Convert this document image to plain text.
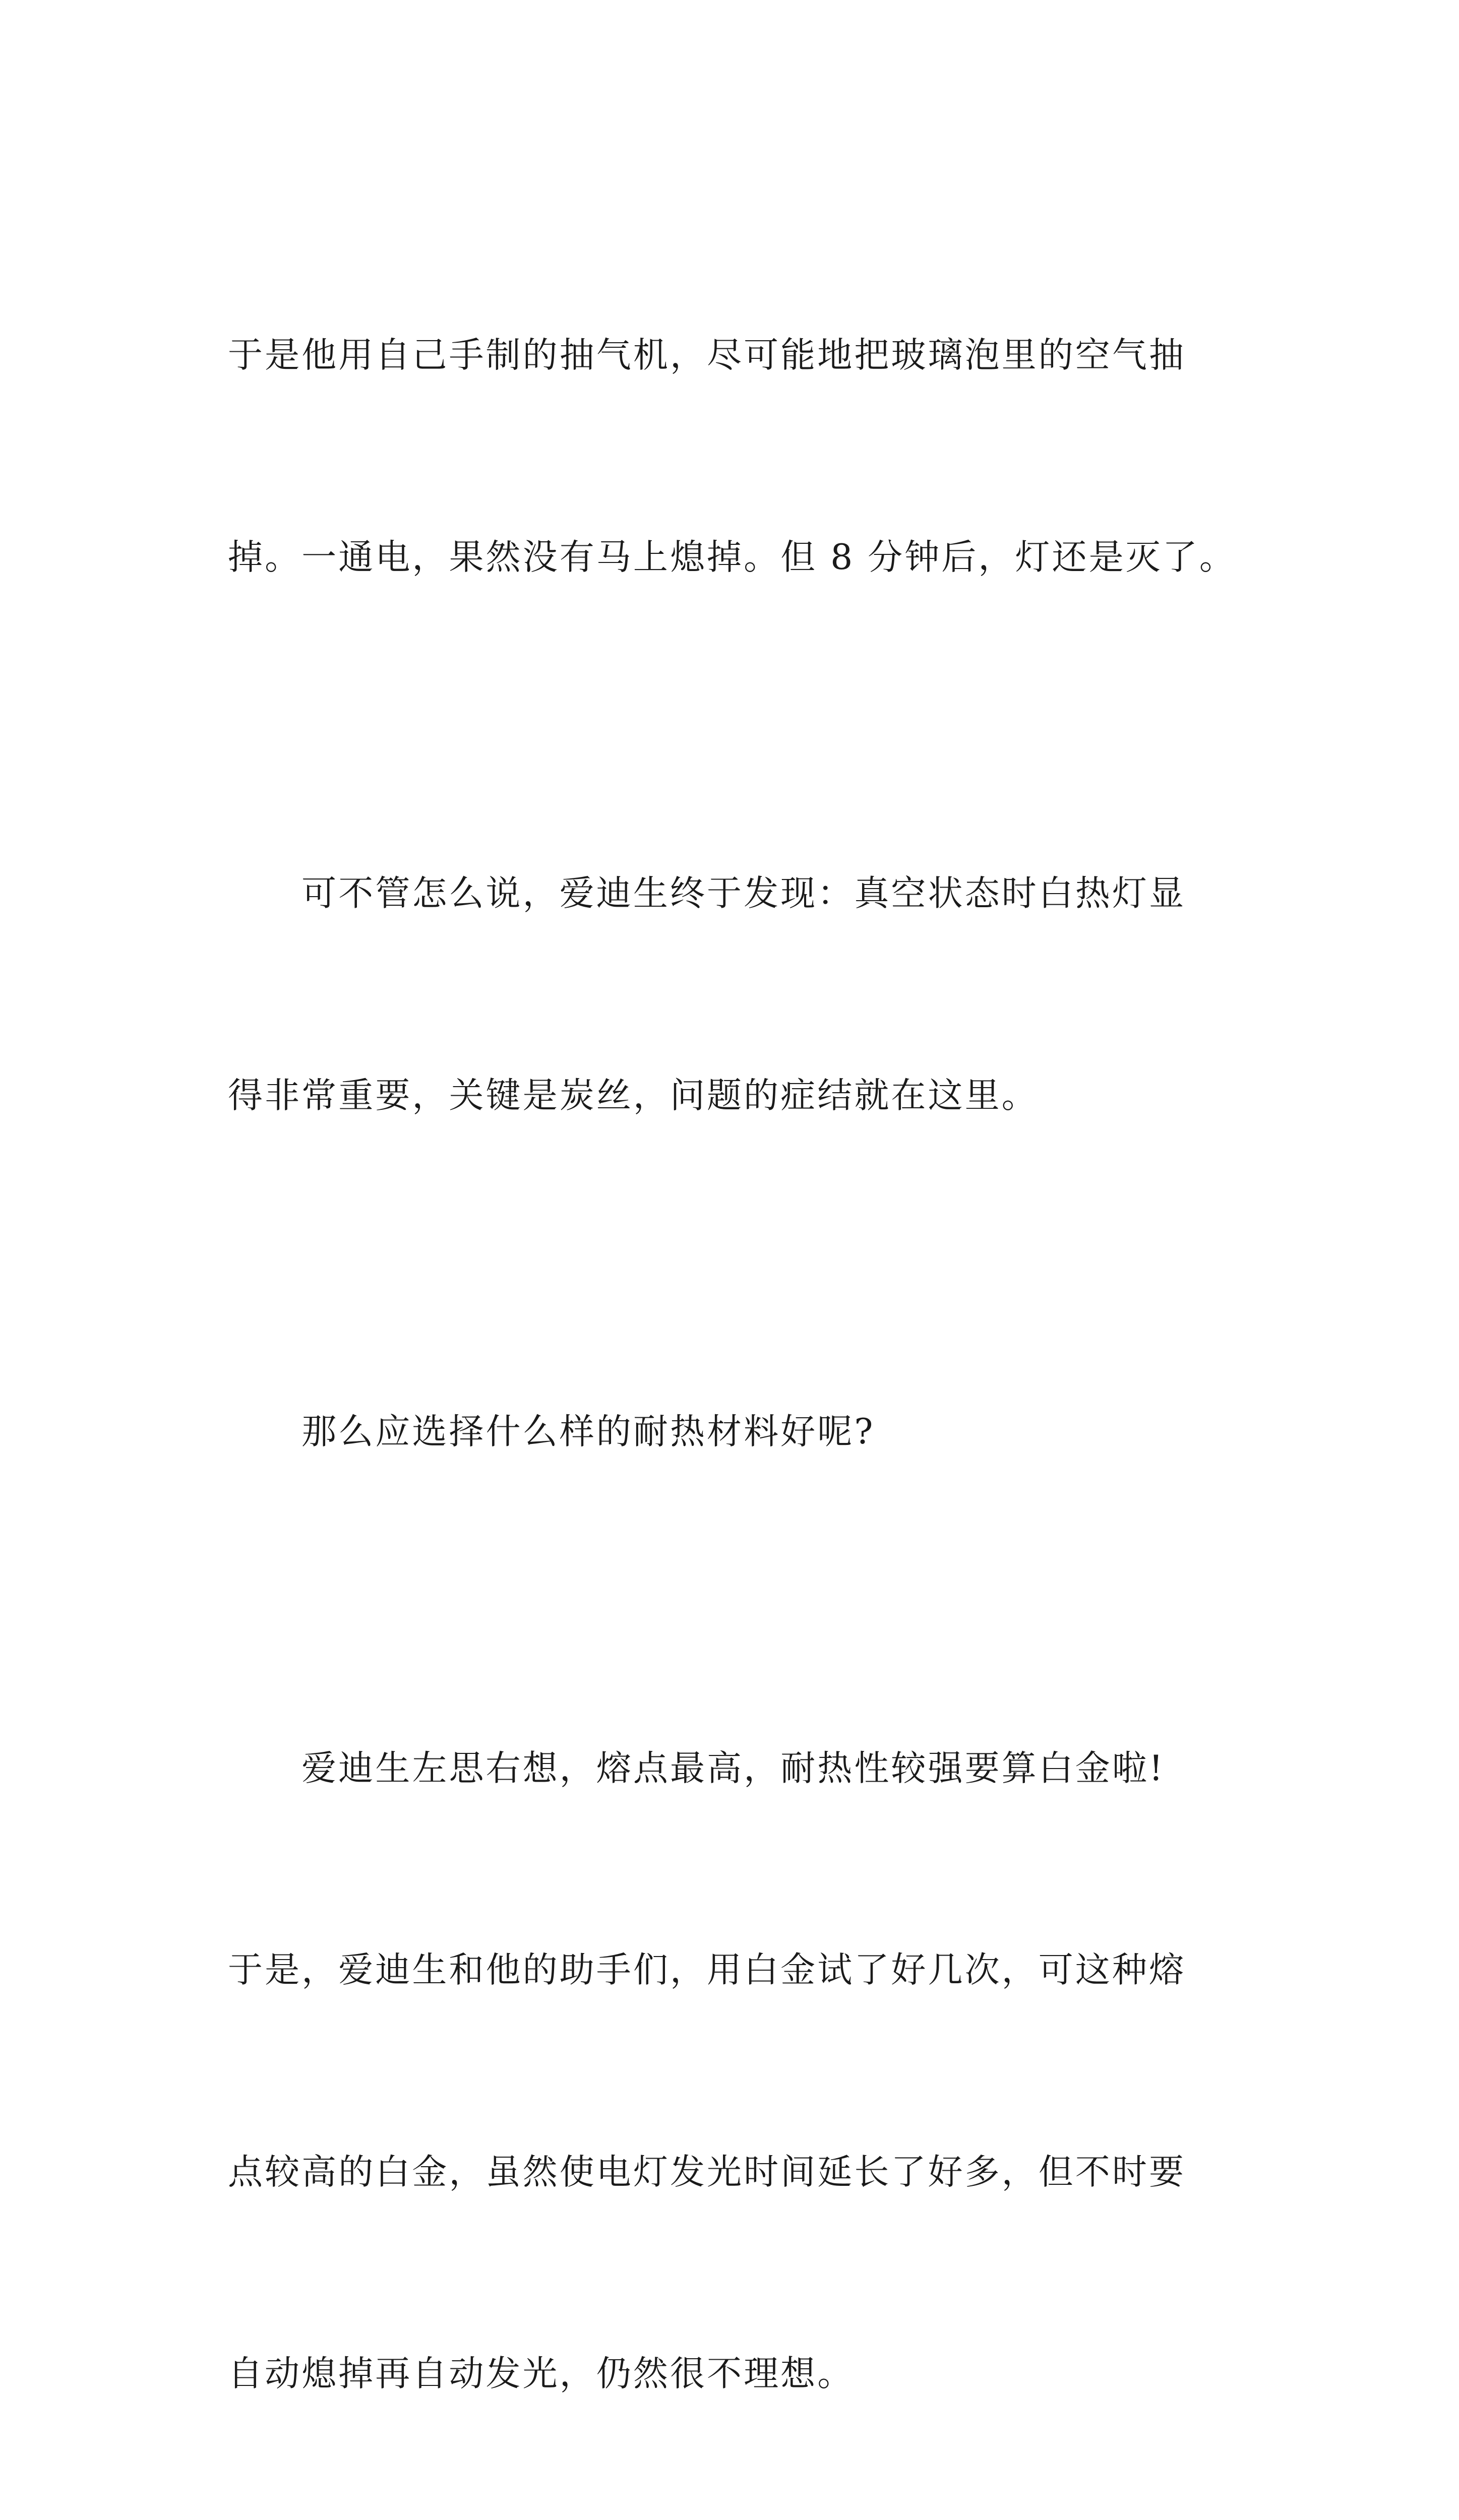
于是他用自己手制的抽气机，尽可能地把玻璃泡里的空气抽

掉。一通电，果然没有马上熄掉。但 8 分钟后，灯还是灭了。

　　可不管怎么说，爱迪生终于发现：真空状态时白热灯显

得非常重要，关键是炭丝，问题的症结就在这里。

　　那么应选择什么样的耐热材料好呢?

　　爱迪生左思右想，熔点最高，耐热性较强要算白金啦!

于是，爱迪生和他的助手们，用白金试了好几次，可这种熔

点较高的白金，虽然使电灯发光时间延长了好多，但不时要

自动熄掉再自动发光，仍然很不理想。
